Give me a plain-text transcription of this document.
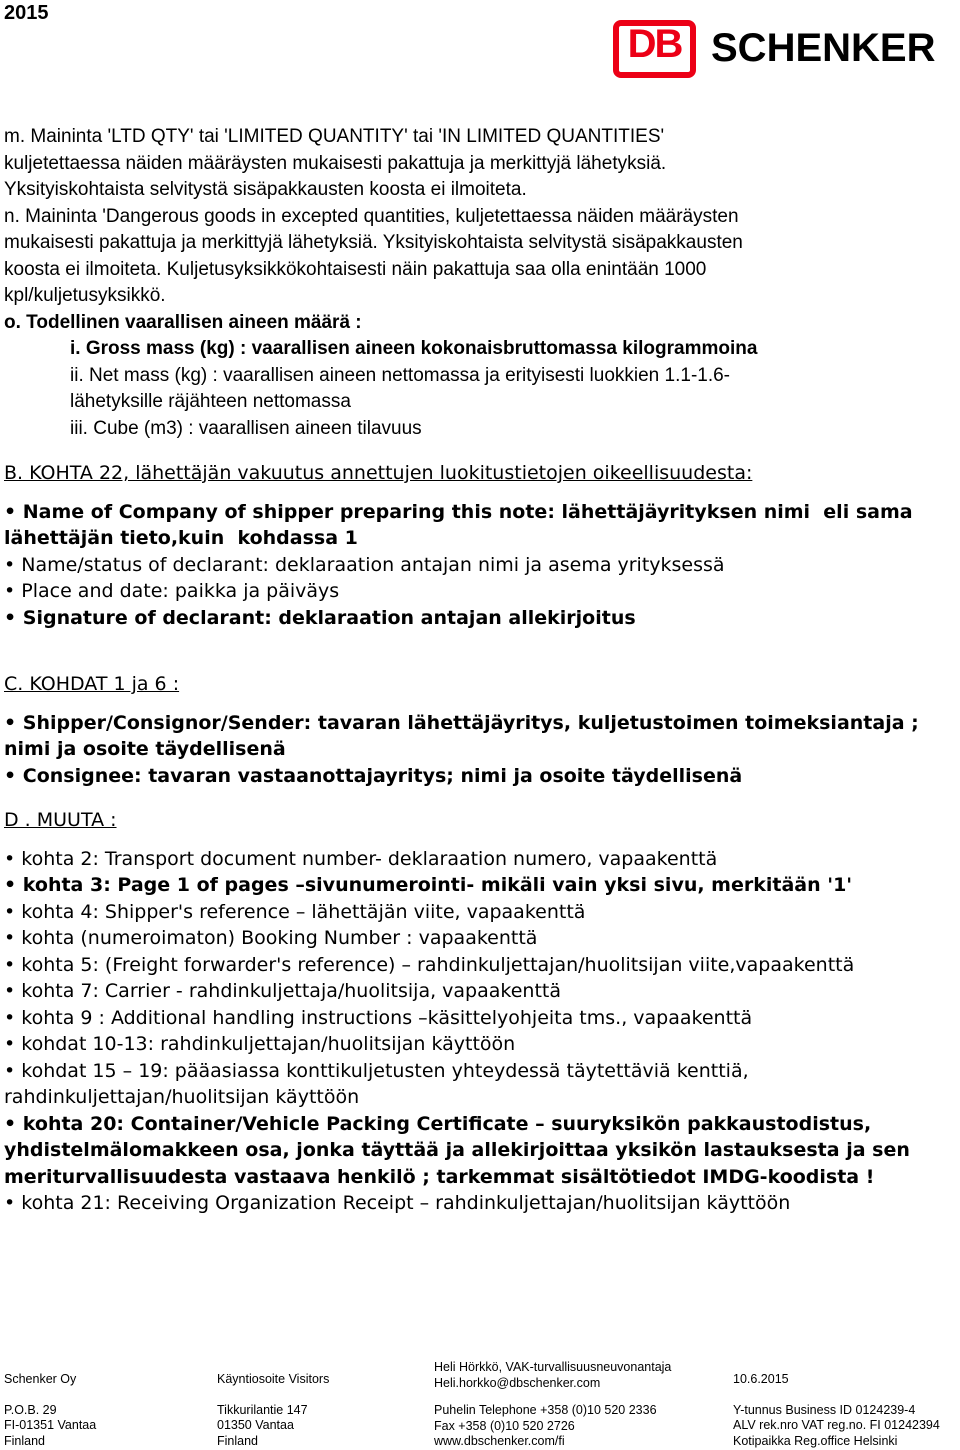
2015
DB SCHENKER
m. Maininta 'LTD QTY' tai 'LIMITED QUANTITY' tai 'IN LIMITED QUANTITIES'
kuljetettaessa näiden määräysten mukaisesti pakattuja ja merkittyjä lähetyksiä.
Yksityiskohtaista selvitystä sisäpakkausten koosta ei ilmoiteta.
n. Maininta 'Dangerous goods in excepted quantities, kuljetettaessa näiden määräysten
mukaisesti pakattuja ja merkittyjä lähetyksiä. Yksityiskohtaista selvitystä sisäpakkausten
koosta ei ilmoiteta. Kuljetusyksikkökohtaisesti näin pakattuja saa olla enintään 1000
kpl/kuljetusyksikkö.
o. Todellinen vaarallisen aineen määrä :
i. Gross mass (kg) : vaarallisen aineen kokonaisbruttomassa kilogrammoina
ii. Net mass (kg) : vaarallisen aineen nettomassa ja erityisesti luokkien 1.1-1.6-
lähetyksille räjähteen nettomassa
iii. Cube (m3) : vaarallisen aineen tilavuus
B. KOHTA 22, lähettäjän vakuutus annettujen luokitustietojen oikeellisuudesta:
• Name of Company of shipper preparing this note: lähettäjäyrityksen nimi  eli sama
lähettäjän tieto,kuin  kohdassa 1
• Name/status of declarant: deklaraation antajan nimi ja asema yrityksessä
• Place and date: paikka ja päiväys
• Signature of declarant: deklaraation antajan allekirjoitus
C. KOHDAT 1 ja 6 :
• Shipper/Consignor/Sender: tavaran lähettäjäyritys, kuljetustoimen toimeksiantaja ;
nimi ja osoite täydellisenä
• Consignee: tavaran vastaanottajayritys; nimi ja osoite täydellisenä
D . MUUTA :
• kohta 2: Transport document number- deklaraation numero, vapaakenttä
• kohta 3: Page 1 of pages –sivunumerointi- mikäli vain yksi sivu, merkitään '1'
• kohta 4: Shipper's reference – lähettäjän viite, vapaakenttä
• kohta (numeroimaton) Booking Number : vapaakenttä
• kohta 5: (Freight forwarder's reference) – rahdinkuljettajan/huolitsijan viite,vapaakenttä
• kohta 7: Carrier - rahdinkuljettaja/huolitsija, vapaakenttä
• kohta 9 : Additional handling instructions –käsittelyohjeita tms., vapaakenttä
• kohdat 10-13: rahdinkuljettajan/huolitsijan käyttöön
• kohdat 15 – 19: pääasiassa konttikuljetusten yhteydessä täytettäviä kenttiä,
rahdinkuljettajan/huolitsijan käyttöön
• kohta 20: Container/Vehicle Packing Certificate – suuryksikön pakkaustodistus,
yhdistelmälomakkeen osa, jonka täyttää ja allekirjoittaa yksikön lastauksesta ja sen
meriturvallisuudesta vastaava henkilö ; tarkemmat sisältötiedot IMDG-koodista !
• kohta 21: Receiving Organization Receipt – rahdinkuljettajan/huolitsijan käyttöön
Schenker Oy
P.O.B. 29
FI-01351 Vantaa
Finland
Käyntiosoite Visitors
Tikkurilantie 147
01350 Vantaa
Finland
Heli Hörkkö, VAK-turvallisuusneuvonantaja
Heli.horkko@dbschenker.com
Puhelin Telephone +358 (0)10 520 2336
Fax +358 (0)10 520 2726
www.dbschenker.com/fi
10.6.2015
Y-tunnus Business ID 0124239-4
ALV rek.nro VAT reg.no. FI 01242394
Kotipaikka Reg.office Helsinki
